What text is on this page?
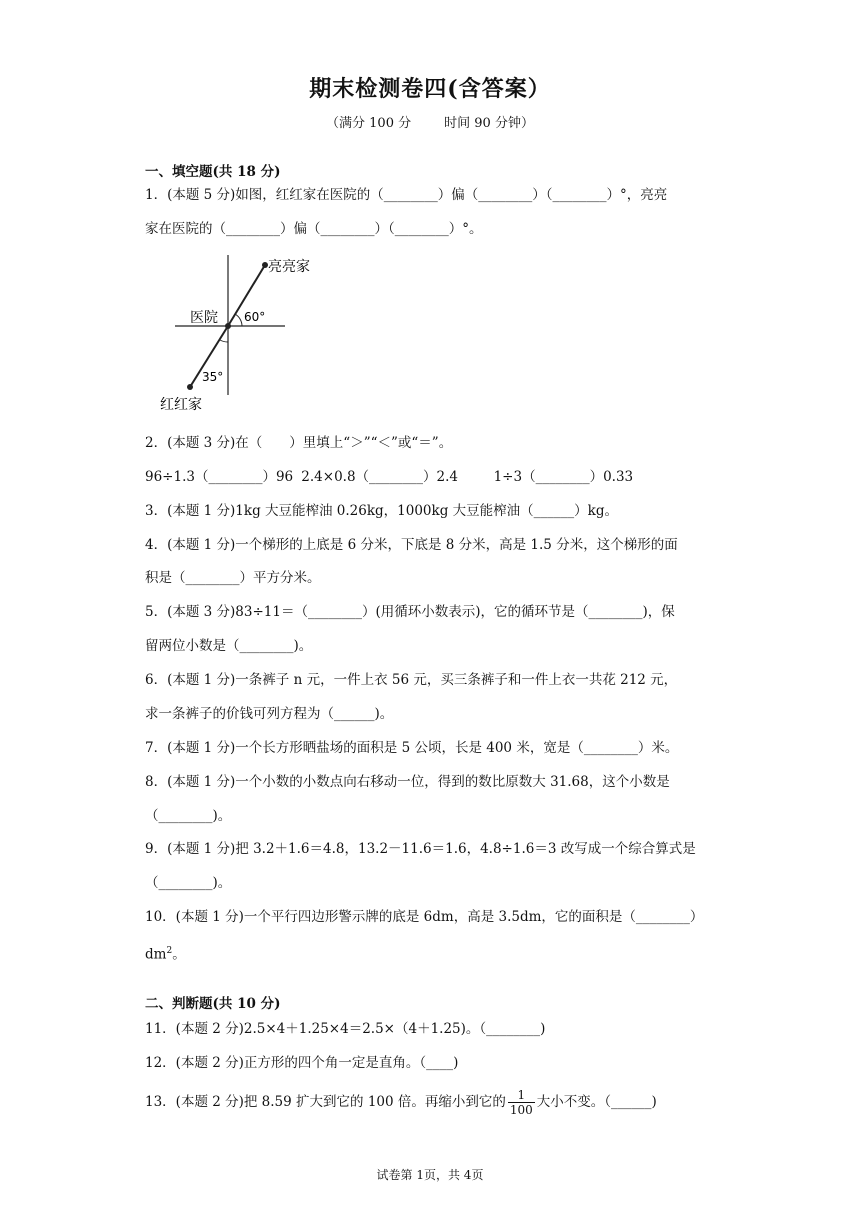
期末检测卷四(含答案）
（满分 100 分        时间 90 分钟）
一、填空题(共 18 分)
1．(本题 5 分)如图，红红家在医院的（________）偏（________）（________）°，亮亮
家在医院的（________）偏（________）（________）°。
亮亮家
医院 60°
35°
红红家
2．(本题 3 分)在（　　）里填上“＞”“＜”或“＝”。
96÷1.3（________）96 2.4×0.8（________）2.4	1÷3（________）0.33
3．(本题 1 分)1kg 大豆能榨油 0.26kg，1000kg 大豆能榨油（______）kg。
4．(本题 1 分)一个梯形的上底是 6 分米，下底是 8 分米，高是 1.5 分米，这个梯形的面
积是（________）平方分米。
5．(本题 3 分)83÷11＝（________）(用循环小数表示)，它的循环节是（________)，保
留两位小数是（________)。
6．(本题 1 分)一条裤子 n 元，一件上衣 56 元，买三条裤子和一件上衣一共花 212 元，
求一条裤子的价钱可列方程为（______)。
7．(本题 1 分)一个长方形晒盐场的面积是 5 公顷，长是 400 米，宽是（________）米。
8．(本题 1 分)一个小数的小数点向右移动一位，得到的数比原数大 31.68，这个小数是
（________)。
9．(本题 1 分)把 3.2＋1.6＝4.8，13.2－11.6＝1.6，4.8÷1.6＝3 改写成一个综合算式是
（________)。
10．(本题 1 分)一个平行四边形警示牌的底是 6dm，高是 3.5dm，它的面积是（________）
$dm^2$。
二、判断题(共 10 分)
11．(本题 2 分)2.5×4＋1.25×4＝2.5×（4＋1.25)。（________)
12．(本题 2 分)正方形的四个角一定是直角。（____)
13．(本题 2 分)把 8.59 扩大到它的 100 倍。再缩小到它的 $\frac{1}{100}$ 大小不变。（______)
试卷第 1页，共 4页
